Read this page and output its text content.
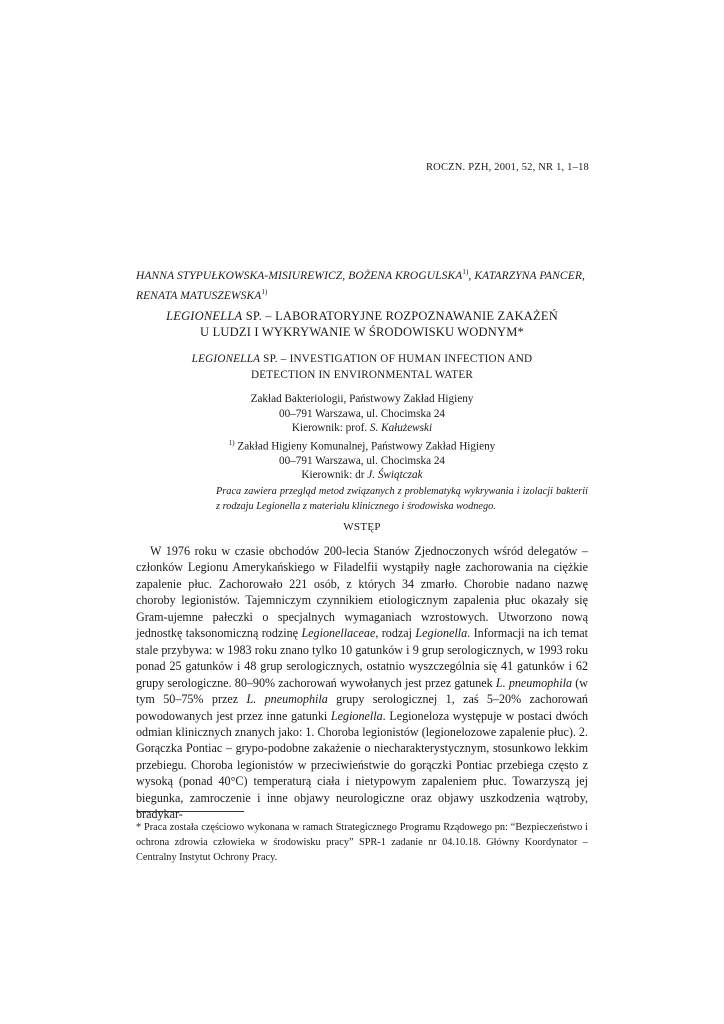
ROCZN. PZH, 2001, 52, NR 1, 1–18
HANNA STYPUŁKOWSKA-MISIUREWICZ, BOŻENA KROGULSKA$^{1)}$, KATARZYNA PANCER, RENATA MATUSZEWSKA$^{1)}$
LEGIONELLA SP. – LABORATORYJNE ROZPOZNAWANIE ZAKAŻEŃ
U LUDZI I WYKRYWANIE W ŚRODOWISKU WODNYM*
LEGIONELLA SP. – INVESTIGATION OF HUMAN INFECTION AND
DETECTION IN ENVIRONMENTAL WATER
Zakład Bakteriologii, Państwowy Zakład Higieny
00–791 Warszawa, ul. Chocimska 24
Kierownik: prof. S. Kałużewski
$^{1)}$ Zakład Higieny Komunalnej, Państwowy Zakład Higieny
00–791 Warszawa, ul. Chocimska 24
Kierownik: dr J. Świątczak
Praca zawiera przegląd metod związanych z problematyką wykrywania i izolacji bakterii z rodzaju Legionella z materiału klinicznego i środowiska wodnego.
WSTĘP

W 1976 roku w czasie obchodów 200-lecia Stanów Zjednoczonych wśród delegatów – członków Legionu Amerykańskiego w Filadelfii wystąpiły nagłe zachorowania na ciężkie zapalenie płuc. Zachorowało 221 osób, z których 34 zmarło. Chorobie nadano nazwę choroby legionistów. Tajemniczym czynnikiem etiologicznym zapalenia płuc okazały się Gram-ujemne pałeczki o specjalnych wymaganiach wzrostowych. Utworzono nową jednostkę taksonomiczną rodzinę Legionellaceae, rodzaj Legionella. Informacji na ich temat stale przybywa: w 1983 roku znano tylko 10 gatunków i 9 grup serologicznych, w 1993 roku ponad 25 gatunków i 48 grup serologicznych, ostatnio wyszczególnia się 41 gatunków i 62 grupy serologiczne. 80–90% zachorowań wywołanych jest przez gatunek L. pneumophila (w tym 50–75% przez L. pneumophila grupy serologicznej 1, zaś 5–20% zachorowań powodowanych jest przez inne gatunki Legionella. Legioneloza występuje w postaci dwóch odmian klinicznych znanych jako: 1. Choroba legionistów (legionelozowe zapalenie płuc). 2. Gorączka Pontiac – grypo-podobne zakażenie o niecharakterystycznym, stosunkowo lekkim przebiegu. Choroba legionistów w przeciwieństwie do gorączki Pontiac przebiega często z wysoką (ponad 40°C) temperaturą ciała i nietypowym zapaleniem płuc. Towarzyszą jej biegunka, zamroczenie i inne objawy neurologiczne oraz objawy uszkodzenia wątroby, bradykar-

* Praca została częściowo wykonana w ramach Strategicznego Programu Rządowego pn: “Bezpieczeństwo i ochrona zdrowia człowieka w środowisku pracy” SPR-1 zadanie nr 04.10.18. Główny Koordynator – Centralny Instytut Ochrony Pracy.
